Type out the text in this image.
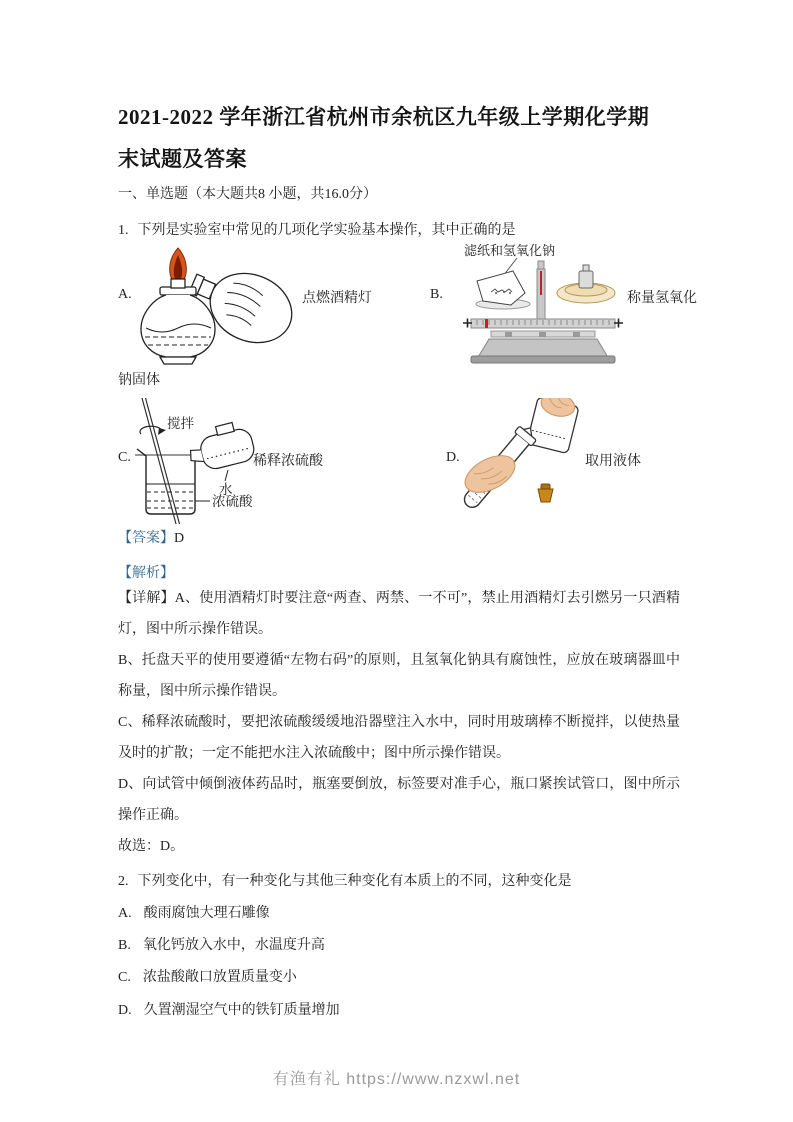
2021-2022 学年浙江省杭州市余杭区九年级上学期化学期末试题及答案
一、单选题（本大题共8 小题，共16.0分）
1. 下列是实验室中常见的几项化学实验基本操作，其中正确的是
A.	点燃酒精灯	B.
滤纸和氢氧化钠
称量氢氧化
钠固体
C.
搅拌
水
浓硫酸
稀释浓硫酸	D.	取用液体
【答案】D
【解析】

【详解】A、使用酒精灯时要注意“两查、两禁、一不可”，禁止用酒精灯去引燃另一只酒精灯，图中所示操作错误。

B、托盘天平的使用要遵循“左物右码”的原则，且氢氧化钠具有腐蚀性，应放在玻璃器皿中称量，图中所示操作错误。

C、稀释浓硫酸时，要把浓硫酸缓缓地沿器壁注入水中，同时用玻璃棒不断搅拌，以使热量及时的扩散；一定不能把水注入浓硫酸中；图中所示操作错误。

D、向试管中倾倒液体药品时，瓶塞要倒放，标签要对准手心，瓶口紧挨试管口，图中所示操作正确。

故选：D。

2. 下列变化中，有一种变化与其他三种变化有本质上的不同，这种变化是
A. 酸雨腐蚀大理石雕像
B. 氧化钙放入水中，水温度升高
C. 浓盐酸敞口放置质量变小
D. 久置潮湿空气中的铁钉质量增加
有渔有礼 https://www.nzxwl.net
